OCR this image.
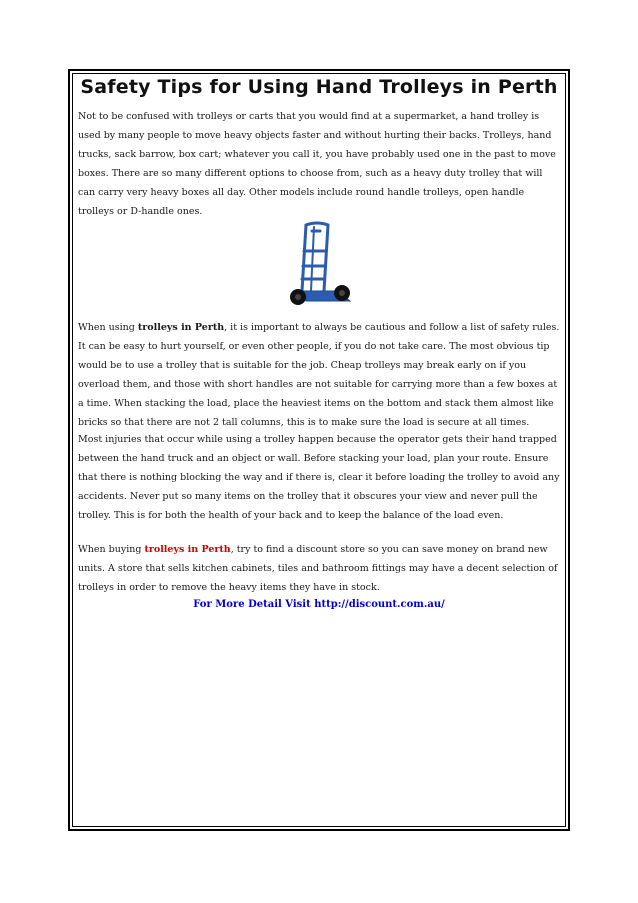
Safety Tips for Using Hand Trolleys in Perth

Not to be confused with trolleys or carts that you would find at a supermarket, a hand trolley is used by many people to move heavy objects faster and without hurting their backs. Trolleys, hand trucks, sack barrow, box cart; whatever you call it, you have probably used one in the past to move boxes. There are so many different options to choose from, such as a heavy duty trolley that will can carry very heavy boxes all day. Other models include round handle trolleys, open handle trolleys or D-handle ones.

When using trolleys in Perth, it is important to always be cautious and follow a list of safety rules. It can be easy to hurt yourself, or even other people, if you do not take care. The most obvious tip would be to use a trolley that is suitable for the job. Cheap trolleys may break early on if you overload them, and those with short handles are not suitable for carrying more than a few boxes at a time. When stacking the load, place the heaviest items on the bottom and stack them almost like bricks so that there are not 2 tall columns, this is to make sure the load is secure at all times.

Most injuries that occur while using a trolley happen because the operator gets their hand trapped between the hand truck and an object or wall. Before stacking your load, plan your route. Ensure that there is nothing blocking the way and if there is, clear it before loading the trolley to avoid any accidents. Never put so many items on the trolley that it obscures your view and never pull the trolley. This is for both the health of your back and to keep the balance of the load even.

When buying trolleys in Perth, try to find a discount store so you can save money on brand new units. A store that sells kitchen cabinets, tiles and bathroom fittings may have a decent selection of trolleys in order to remove the heavy items they have in stock.

For More Detail Visit http://discount.com.au/
